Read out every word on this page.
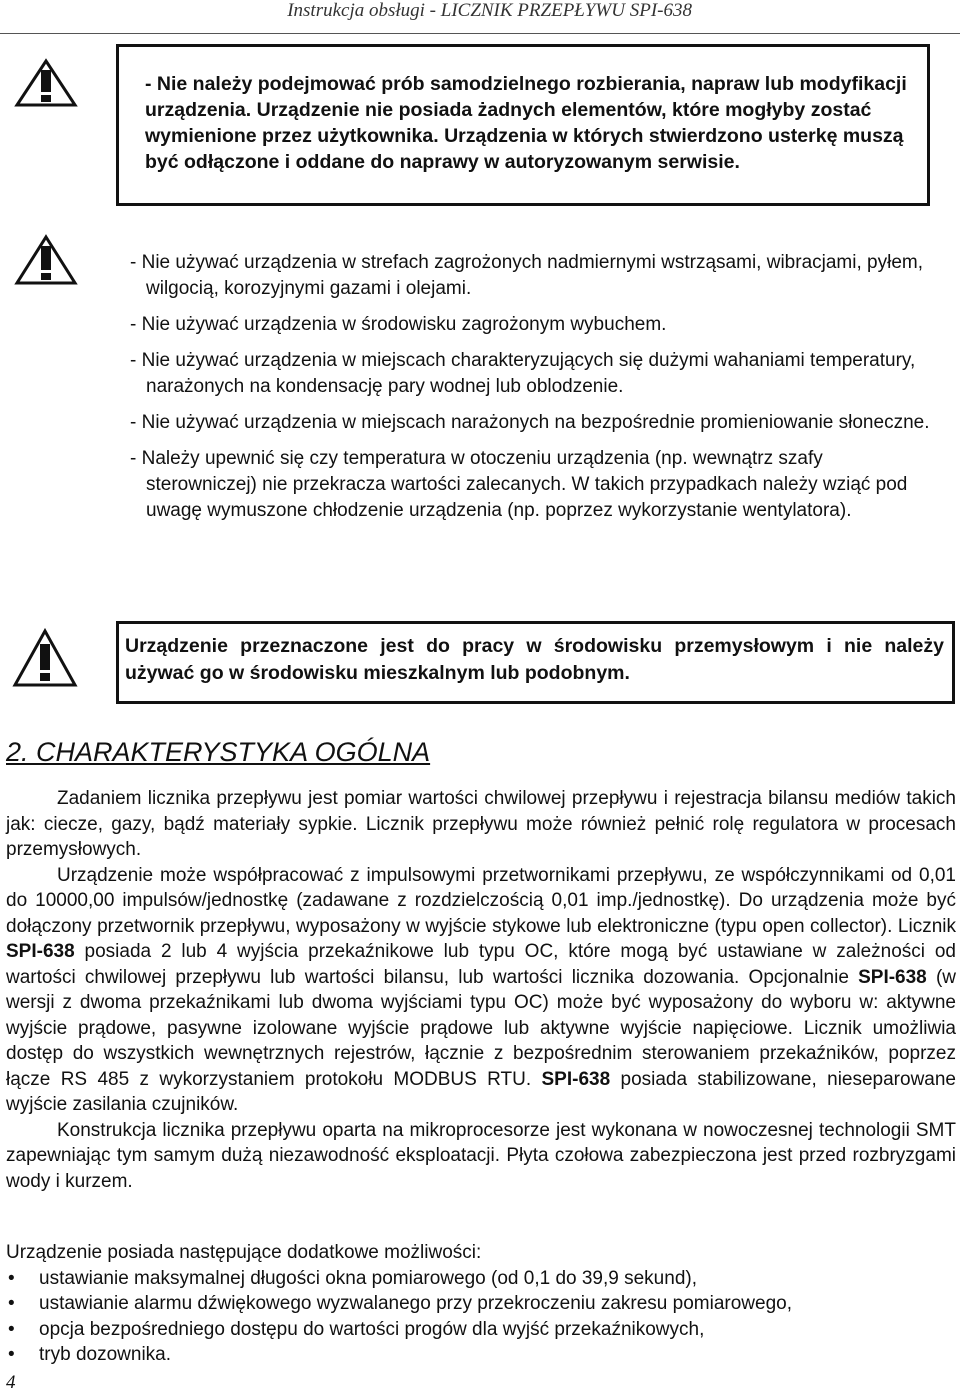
Instrukcja obsługi - LICZNIK PRZEPŁYWU SPI-638
- Nie należy podejmować prób samodzielnego rozbierania, napraw lub modyfikacji urządzenia. Urządzenie nie posiada żadnych elementów, które mogłyby zostać wymienione przez użytkownika. Urządzenia w których stwierdzono usterkę muszą być odłączone i oddane do naprawy w autoryzowanym serwisie.
- Nie używać urządzenia w strefach zagrożonych nadmiernymi wstrząsami, wibracjami, pyłem, wilgocią, korozyjnymi gazami i olejami.
- Nie używać urządzenia w środowisku zagrożonym wybuchem.
- Nie używać urządzenia w miejscach charakteryzujących się dużymi wahaniami temperatury, narażonych na kondensację pary wodnej lub oblodzenie.
- Nie używać urządzenia w miejscach narażonych na bezpośrednie promieniowanie słoneczne.
- Należy upewnić się czy temperatura w otoczeniu urządzenia (np. wewnątrz szafy sterowniczej) nie przekracza wartości zalecanych. W takich przypadkach należy wziąć pod uwagę wymuszone chłodzenie urządzenia (np. poprzez wykorzystanie wentylatora).
Urządzenie przeznaczone jest do pracy w środowisku przemysłowym i nie należy używać go w środowisku mieszkalnym lub podobnym.
2. CHARAKTERYSTYKA OGÓLNA

Zadaniem licznika przepływu jest pomiar wartości chwilowej przepływu i rejestracja bilansu mediów takich jak: ciecze, gazy, bądź materiały sypkie. Licznik przepływu może również pełnić rolę regulatora w procesach przemysłowych.

Urządzenie może współpracować z impulsowymi przetwornikami przepływu, ze współczynnikami od 0,01 do 10000,00 impulsów/jednostkę (zadawane z rozdzielczością 0,01 imp./jednostkę). Do urządzenia może być dołączony przetwornik przepływu, wyposażony w wyjście stykowe lub elektroniczne (typu open collector). Licznik SPI-638 posiada 2 lub 4 wyjścia przekaźnikowe lub typu OC, które mogą być ustawiane w zależności od wartości chwilowej przepływu lub wartości bilansu, lub wartości licznika dozowania. Opcjonalnie SPI-638 (w wersji z dwoma przekaźnikami lub dwoma wyjściami typu OC) może być wyposażony do wyboru w: aktywne wyjście prądowe, pasywne izolowane wyjście prądowe lub aktywne wyjście napięciowe. Licznik umożliwia dostęp do wszystkich wewnętrznych rejestrów, łącznie z bezpośrednim sterowaniem przekaźników, poprzez łącze RS 485 z wykorzystaniem protokołu MODBUS RTU. SPI-638 posiada stabilizowane, nieseparowane wyjście zasilania czujników.

Konstrukcja licznika przepływu oparta na mikroprocesorze jest wykonana w nowoczesnej technologii SMT zapewniając tym samym dużą niezawodność eksploatacji. Płyta czołowa zabezpieczona jest przed rozbryzgami wody i kurzem.

Urządzenie posiada następujące dodatkowe możliwości:
• ustawianie maksymalnej długości okna pomiarowego (od 0,1 do 39,9 sekund),
• ustawianie alarmu dźwiękowego wyzwalanego przy przekroczeniu zakresu pomiarowego,
• opcja bezpośredniego dostępu do wartości progów dla wyjść przekaźnikowych,
• tryb dozownika.
4
